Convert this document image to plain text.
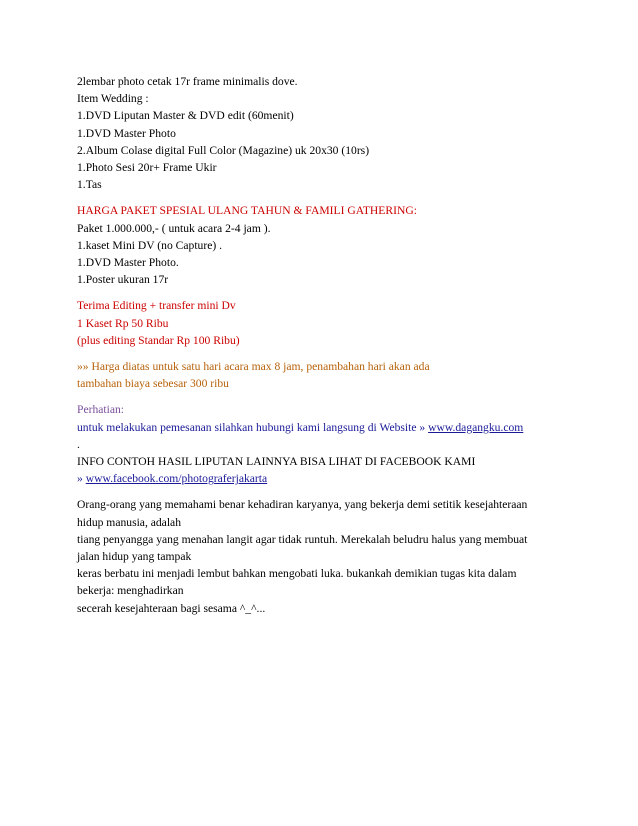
2lembar photo cetak 17r frame minimalis dove.
Item Wedding :
1.DVD Liputan Master & DVD edit (60menit)
1.DVD Master Photo
2.Album Colase digital Full Color (Magazine) uk 20x30 (10rs)
1.Photo Sesi 20r+ Frame Ukir
1.Tas
HARGA PAKET SPESIAL ULANG TAHUN & FAMILI GATHERING:
Paket 1.000.000,- ( untuk acara 2-4 jam ).
1.kaset Mini DV (no Capture) .
1.DVD Master Photo.
1.Poster ukuran 17r
Terima Editing + transfer mini Dv
1 Kaset Rp 50 Ribu
(plus editing Standar Rp 100 Ribu)
»» Harga diatas untuk satu hari acara max 8 jam, penambahan hari akan ada
tambahan biaya sebesar 300 ribu
Perhatian:
untuk melakukan pemesanan silahkan hubungi kami langsung di Website » www.dagangku.com
.
INFO CONTOH HASIL LIPUTAN LAINNYA BISA LIHAT DI FACEBOOK KAMI
» www.facebook.com/photograferjakarta
Orang-orang yang memahami benar kehadiran karyanya, yang bekerja demi setitik kesejahteraan
hidup manusia, adalah
tiang penyangga yang menahan langit agar tidak runtuh. Merekalah beludru halus yang membuat
jalan hidup yang tampak
keras berbatu ini menjadi lembut bahkan mengobati luka. bukankah demikian tugas kita dalam
bekerja: menghadirkan
secerah kesejahteraan bagi sesama ^_^...
